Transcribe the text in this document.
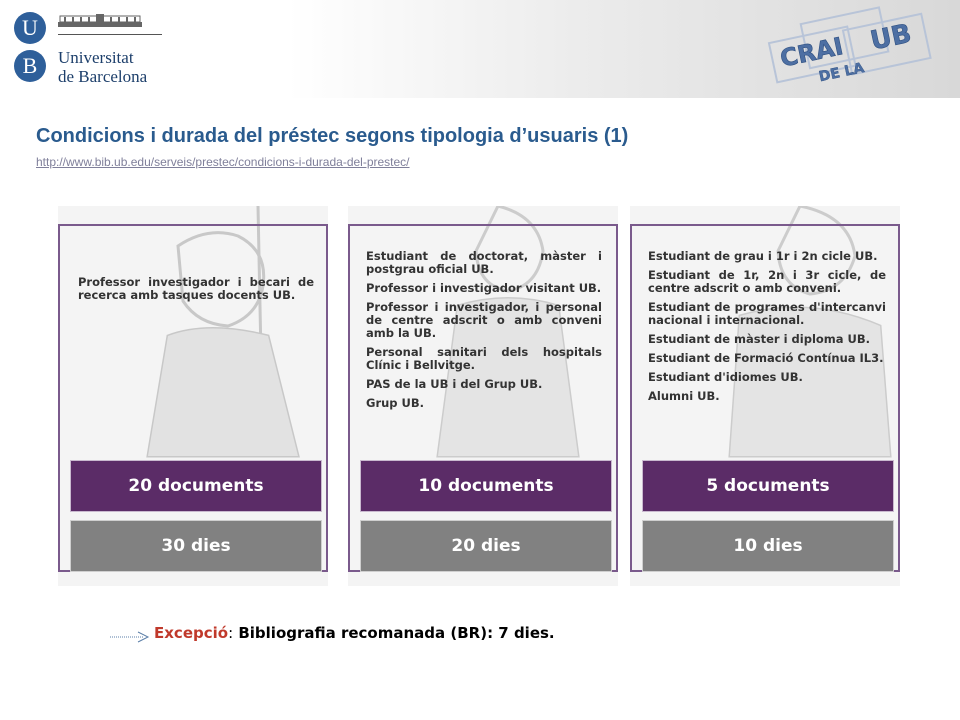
U
B	Universitat
de Barcelona
CRAI
DE LA
UB
Condicions i durada del préstec segons tipologia d’usuaris (1)
http://www.bib.ub.edu/serveis/prestec/condicions-i-durada-del-prestec/

Professor investigador i becari de recerca amb tasques docents UB.

20 documents
30 dies

Estudiant de doctorat, màster i postgrau oficial UB.

Professor i investigador visitant UB.

Professor i investigador, i personal de centre adscrit o amb conveni amb la UB.

Personal sanitari dels hospitals Clínic i Bellvitge.

PAS de la UB i del Grup UB.

Grup UB.

10 documents
20 dies

Estudiant de grau i 1r i 2n cicle UB.

Estudiant de 1r, 2n i 3r cicle, de centre adscrit o amb conveni.

Estudiant de programes d'intercanvi nacional i internacional.

Estudiant de màster i diploma UB.

Estudiant de Formació Contínua IL3.

Estudiant d'idiomes UB.

Alumni UB.

5 documents
10 dies
Excepció: Bibliografia recomanada (BR): 7 dies.
